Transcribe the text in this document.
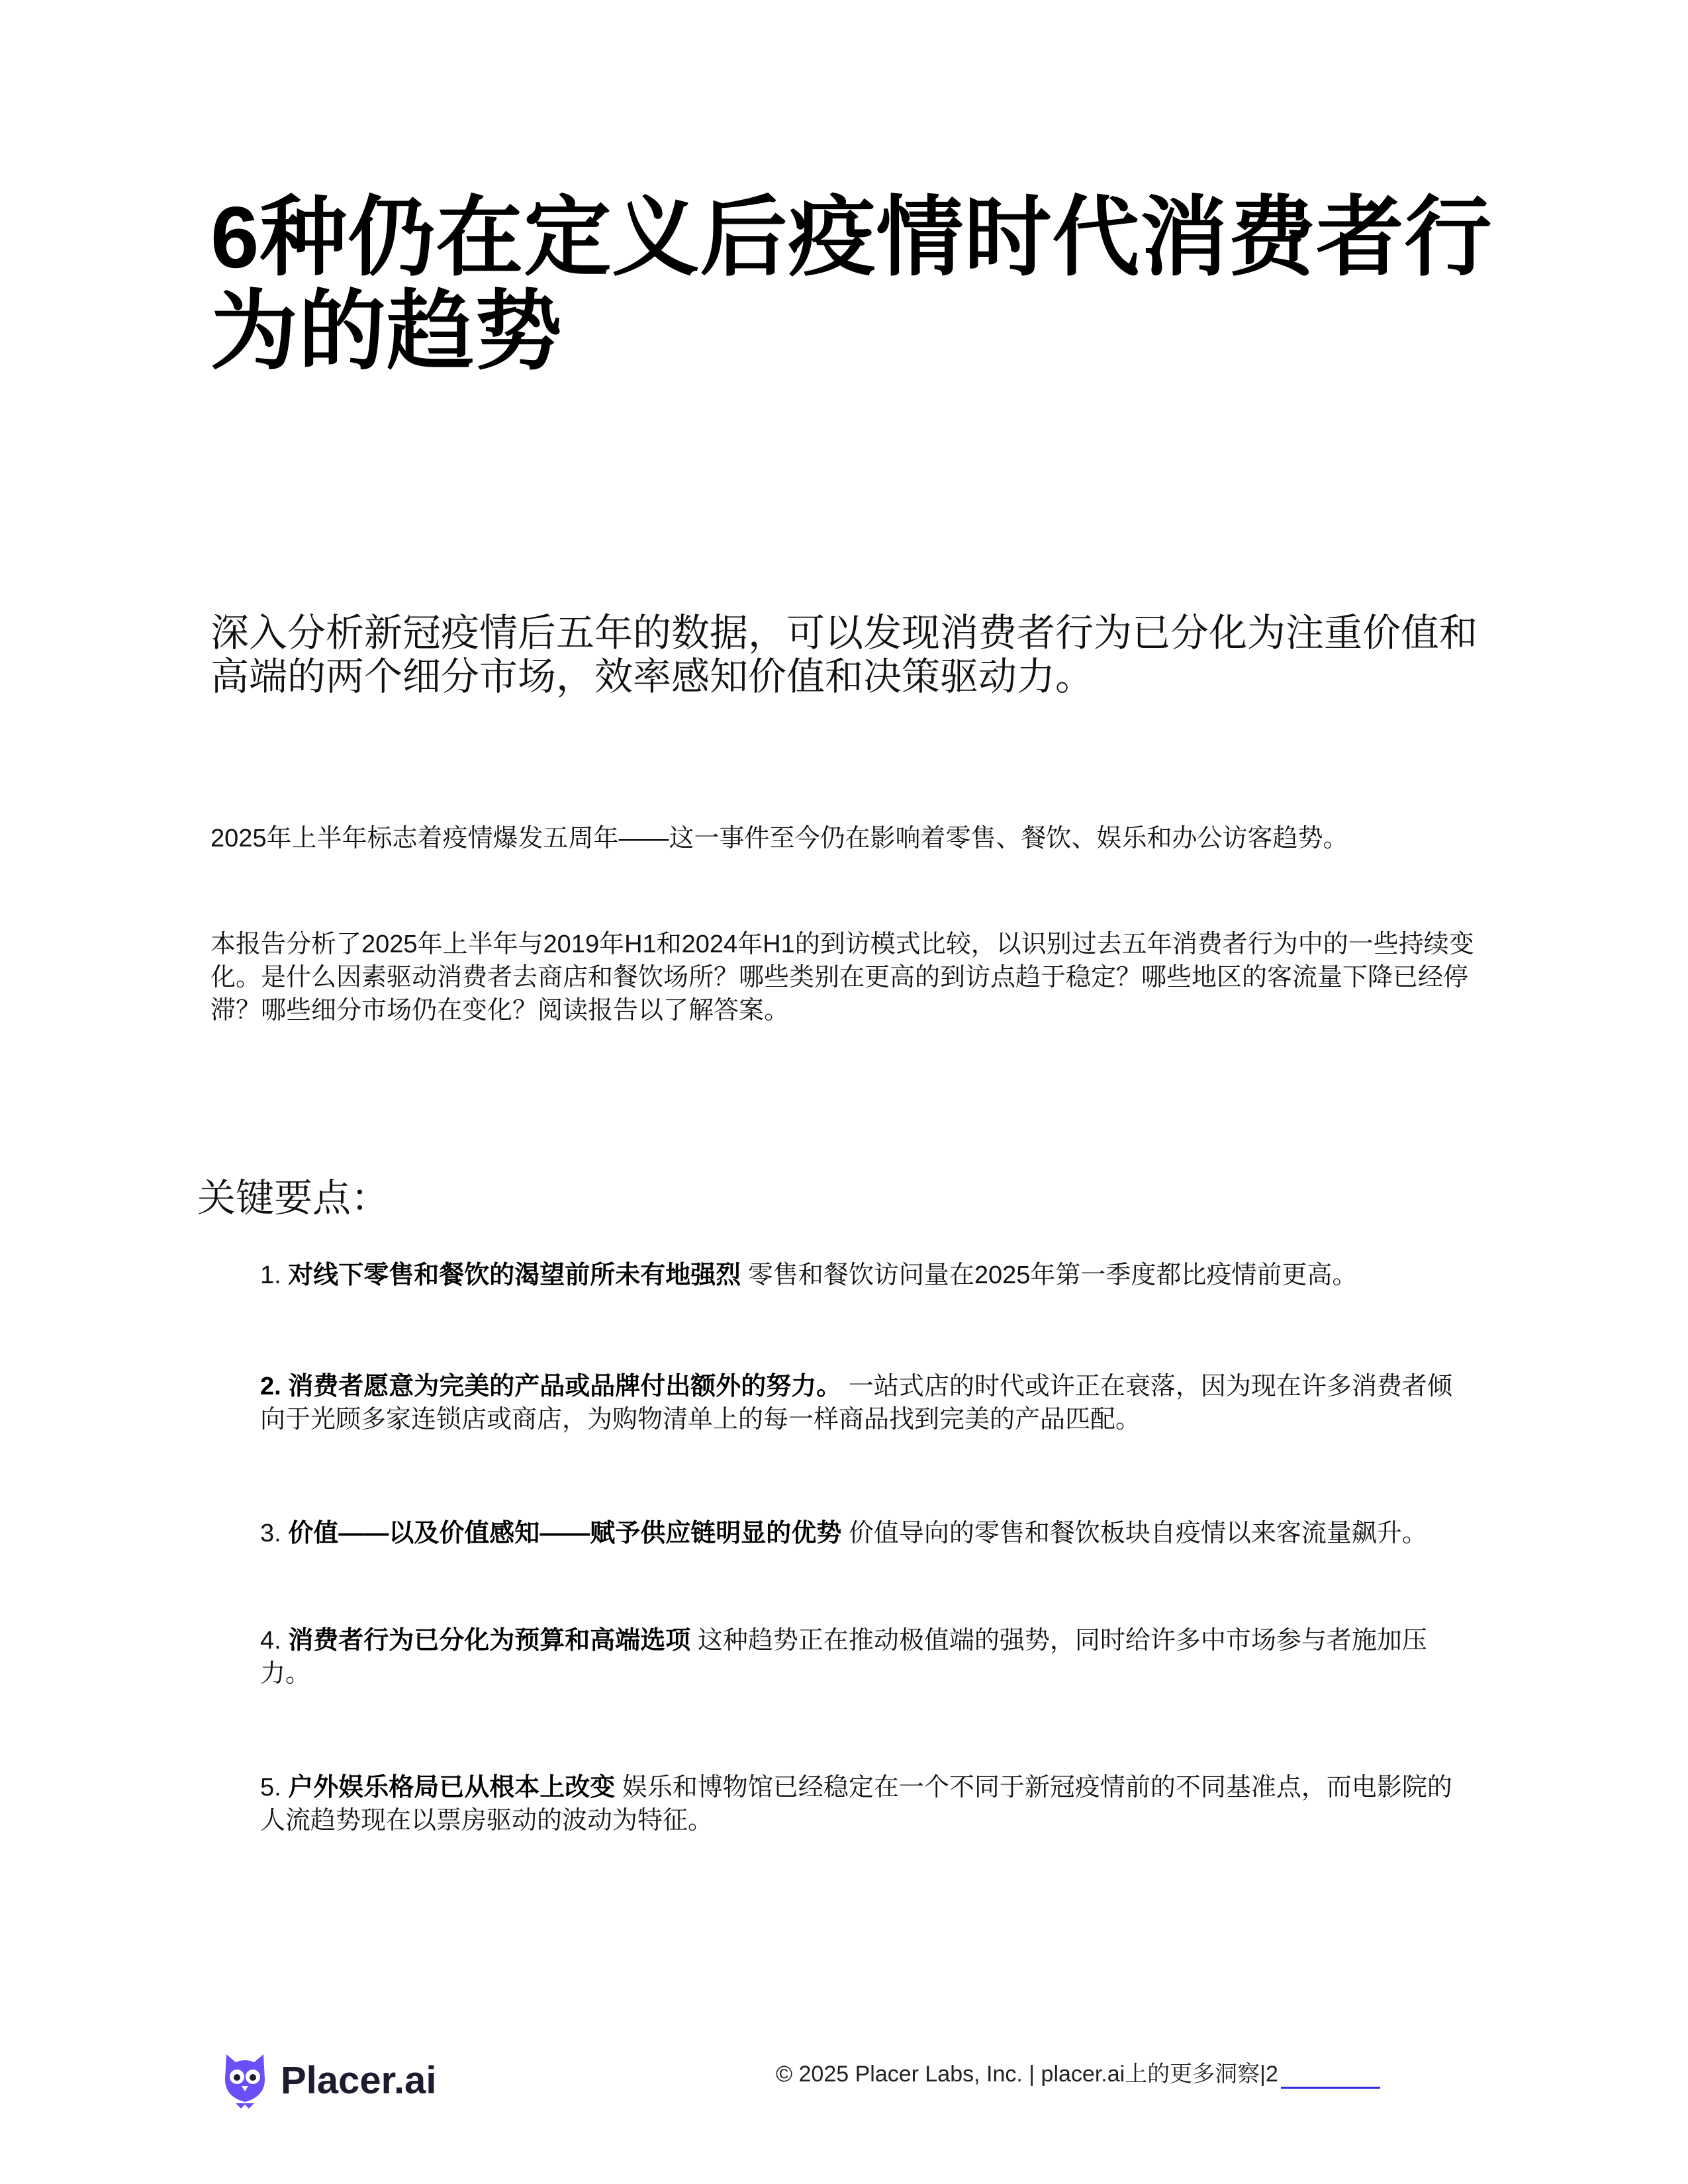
6种仍在定义后疫情时代消费者行为的趋势

深入分析新冠疫情后五年的数据，可以发现消费者行为已分化为注重价值和高端的两个细分市场，效率感知价值和决策驱动力。

2025年上半年标志着疫情爆发五周年——这一事件至今仍在影响着零售、餐饮、娱乐和办公访客趋势。

本报告分析了2025年上半年与2019年H1和2024年H1的到访模式比较，以识别过去五年消费者行为中的一些持续变化。是什么因素驱动消费者去商店和餐饮场所？哪些类别在更高的到访点趋于稳定？哪些地区的客流量下降已经停滞？哪些细分市场仍在变化？阅读报告以了解答案。

关键要点：

1. 对线下零售和餐饮的渴望前所未有地强烈 零售和餐饮访问量在2025年第一季度都比疫情前更高。

2. 消费者愿意为完美的产品或品牌付出额外的努力。 一站式店的时代或许正在衰落，因为现在许多消费者倾向于光顾多家连锁店或商店，为购物清单上的每一样商品找到完美的产品匹配。

3. 价值——以及价值感知——赋予供应链明显的优势 价值导向的零售和餐饮板块自疫情以来客流量飙升。

4. 消费者行为已分化为预算和高端选项 这种趋势正在推动极值端的强势，同时给许多中市场参与者施加压力。

5. 户外娱乐格局已从根本上改变 娱乐和博物馆已经稳定在一个不同于新冠疫情前的不同基准点，而电影院的人流趋势现在以票房驱动的波动为特征。

Placer.ai	© 2025 Placer Labs, Inc. | placer.ai上的更多洞察|2
